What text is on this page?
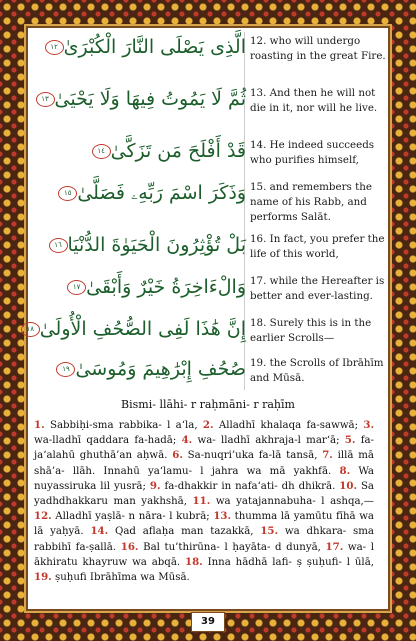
الَّذِى يَصْلَى النَّارَ الْكُبْرَىٰ١٢	12. who will undergo roasting in the great Fire.
ثُمَّ لَا يَمُوتُ فِيهَا وَلَا يَحْيَىٰ١٣	13. And then he will not die in it, nor will he live.
قَدْ أَفْلَحَ مَن تَزَكَّىٰ١٤	14. He indeed succeeds who purifies himself,
وَذَكَرَ اسْمَ رَبِّهِۦ فَصَلَّىٰ١٥	15. and remembers the name of his Rabb, and performs Salāt.
بَلْ تُؤْثِرُونَ الْحَيَوٰةَ الدُّنْيَا١٦	16. In fact, you prefer the life of this world,
وَالْءَاخِرَةُ خَيْرٌ وَأَبْقَىٰ١٧	17. while the Hereafter is better and ever-lasting.
إِنَّ هَٰذَا لَفِى الصُّحُفِ الْأُولَىٰ١٨	18. Surely this is in the earlier Scrolls—
صُحُفِ إِبْرَٰهِيمَ وَمُوسَىٰ١٩	19. the Scrolls of Ibrāhīm and Mūsā.
Bismi- llāhi- r raḥmāni- r raḥīm
1. Sabbiḥi-sma rabbika- l a‘la, 2. Alladhī khalaqa fa-sawwā; 3. wa-lladhī qaddara fa-hadā; 4. wa- lladhī akhraja-l mar‘ā; 5. fa-ja‘alahū ghuthā’an aḥwā. 6. Sa-nuqri’uka fa-lā tansā, 7. illā mā shā’a- llāh. Innahū ya‘lamu- l jahra wa mā yakhfā. 8. Wa nuyassiruka lil yusrā; 9. fa-dhakkir in nafa‘ati- dh dhikrā. 10. Sa yadhdhakkaru man yakhshā, 11. wa yatajannabuha- l ashqa,— 12. Alladhī yaṣlā- n nāra- l kubrā; 13. thumma lā yamūtu fīhā wa lā yaḥyā. 14. Qad aflaḥa man tazakkā, 15. wa dhkara- sma rabbihī fa-ṣallā. 16. Bal tu’thirūna- l ḥayāta- d dunyā, 17. wa- l ākhiratu khayruw wa abqā. 18. Inna hādhā lafi- ṣ ṣuḥufi- l ūlā, 19. ṣuḥufi Ibrāhīma wa Mūsā.
39
